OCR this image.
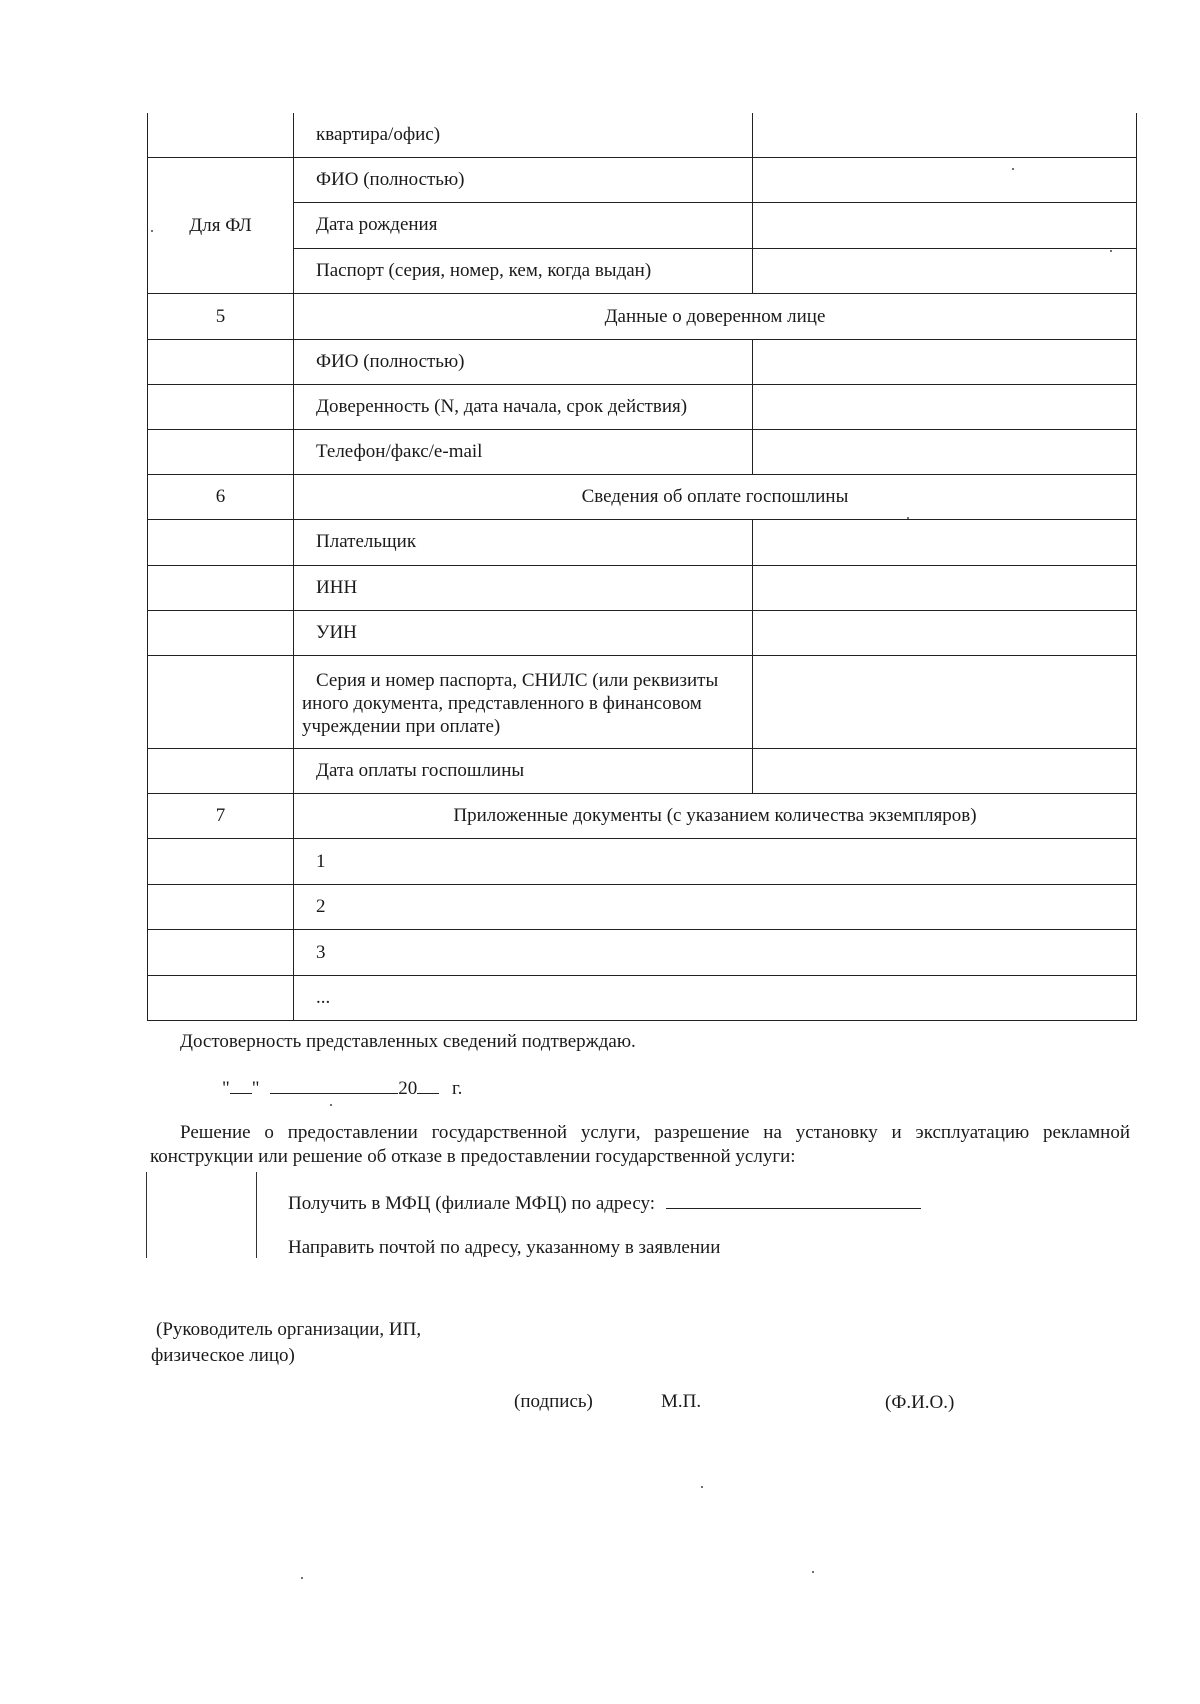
квартира/офис)
Для ФЛ
ФИО (полностью)
Дата рождения
Паспорт (серия, номер, кем, когда выдан)
5	Данные о доверенном лице
ФИО (полностью)
Доверенность (N, дата начала, срок действия)
Телефон/факс/e-mail
6	Сведения об оплате госпошлины
Плательщик
ИНН
УИН
Серия и номер паспорта, СНИЛС (или реквизиты
иного документа, представленного в финансовом
учреждении при оплате)
Дата оплаты госпошлины
7	Приложенные документы (с указанием количества экземпляров)
1
2
3
...
Достоверность представленных сведений подтверждаю.
" "	20 г.
Решение о предоставлении государственной услуги, разрешение на установку и эксплуатацию рекламной конструкции или решение об отказе в предоставлении государственной услуги:
Получить в МФЦ (филиале МФЦ) по адресу:
Направить почтой по адресу, указанному в заявлении
(Руководитель организации, ИП,
физическое лицо)
(подпись)	М.П.	(Ф.И.О.)
